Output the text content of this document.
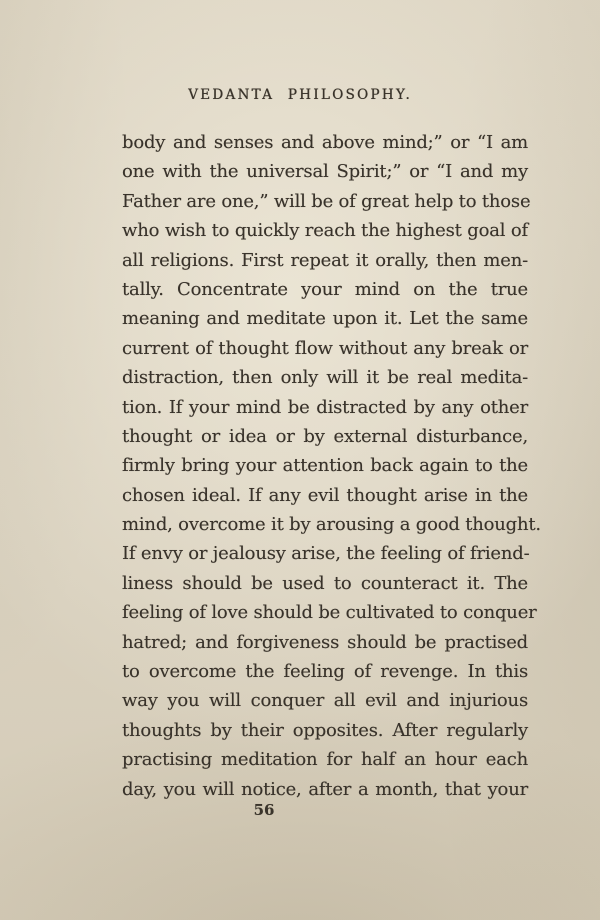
VEDANTA PHILOSOPHY.
body and senses and above mind;” or “I am
one with the universal Spirit;” or “I and my
Father are one,” will be of great help to those
who wish to quickly reach the highest goal of
all religions. First repeat it orally, then men-
tally. Concentrate your mind on the true
meaning and meditate upon it. Let the same
current of thought flow without any break or
distraction, then only will it be real medita-
tion. If your mind be distracted by any other
thought or idea or by external disturbance,
firmly bring your attention back again to the
chosen ideal. If any evil thought arise in the
mind, overcome it by arousing a good thought.
If envy or jealousy arise, the feeling of friend-
liness should be used to counteract it. The
feeling of love should be cultivated to conquer
hatred; and forgiveness should be practised
to overcome the feeling of revenge. In this
way you will conquer all evil and injurious
thoughts by their opposites. After regularly
practising meditation for half an hour each
day, you will notice, after a month, that your
56
